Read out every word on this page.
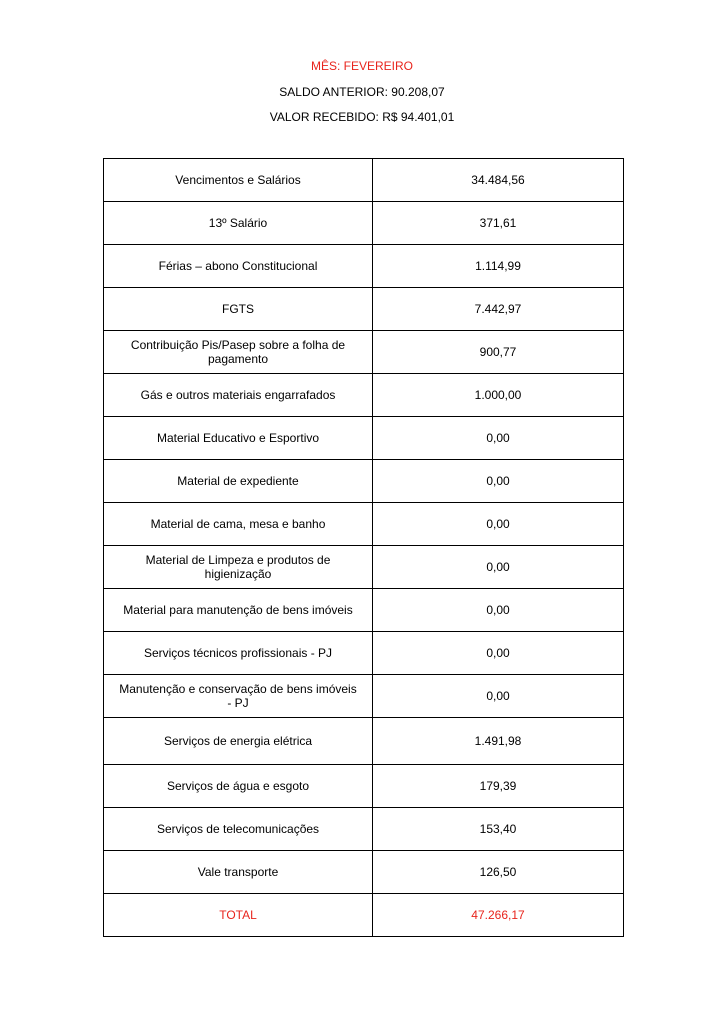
MÊS: FEVEREIRO
SALDO ANTERIOR: 90.208,07
VALOR RECEBIDO: R$ 94.401,01
Vencimentos e Salários	34.484,56
13º Salário	371,61
Férias – abono Constitucional	1.114,99
FGTS	7.442,97
Contribuição Pis/Pasep sobre a folha de pagamento	900,77
Gás e outros materiais engarrafados	1.000,00
Material Educativo e Esportivo	0,00
Material de expediente	0,00
Material de cama, mesa e banho	0,00
Material de Limpeza e produtos de higienização	0,00
Material para manutenção de bens imóveis	0,00
Serviços técnicos profissionais - PJ	0,00
Manutenção e conservação de bens imóveis - PJ	0,00
Serviços de energia elétrica	1.491,98
Serviços de água e esgoto	179,39
Serviços de telecomunicações	153,40
Vale transporte	126,50
TOTAL	47.266,17
